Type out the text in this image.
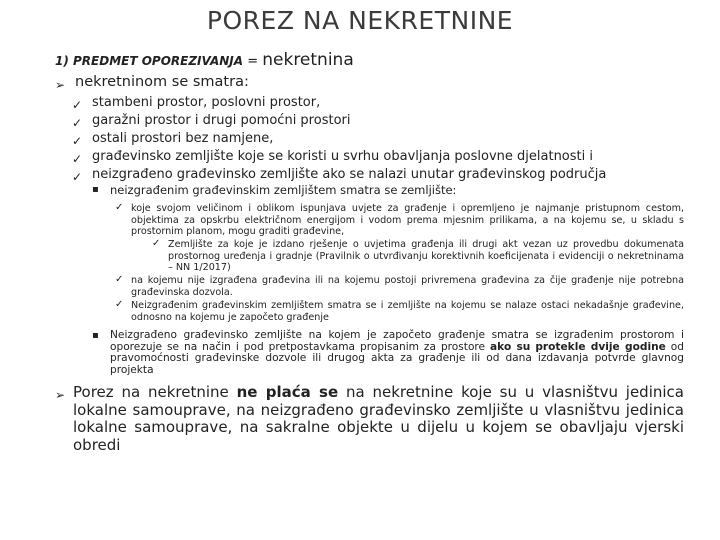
POREZ NA NEKRETNINE
1) PREDMET OPOREZIVANJA = nekretnina
➢ nekretninom se smatra:
✓ stambeni prostor, poslovni prostor,
✓ garažni prostor i drugi pomoćni prostori
✓ ostali prostori bez namjene,
✓ građevinsko zemljište koje se koristi u svrhu obavljanja poslovne djelatnosti i
✓ neizgrađeno građevinsko zemljište ako se nalazi unutar građevinskog područja
▪ neizgrađenim građevinskim zemljištem smatra se zemljište:
✓ koje svojom veličinom i oblikom ispunjava uvjete za građenje i opremljeno je najmanje pristupnom cestom, objektima za opskrbu električnom energijom i vodom prema mjesnim prilikama, a na kojemu se, u skladu s prostornim planom, mogu graditi građevine,
✓ Zemljište za koje je izdano rješenje o uvjetima građenja ili drugi akt vezan uz provedbu dokumenata prostornog uređenja i gradnje (Pravilnik o utvrđivanju korektivnih koeficijenata i evidenciji o nekretninama – NN 1/2017)
✓ na kojemu nije izgrađena građevina ili na kojemu postoji privremena građevina za čije građenje nije potrebna građevinska dozvola.
✓ Neizgrađenim građevinskim zemljištem smatra se i zemljište na kojemu se nalaze ostaci nekadašnje građevine, odnosno na kojemu je započeto građenje
▪ Neizgrađeno građevinsko zemljište na kojem je započeto građenje smatra se izgrađenim prostorom i oporezuje se na način i pod pretpostavkama propisanim za prostore ako su protekle dvije godine od pravomoćnosti građevinske dozvole ili drugog akta za građenje ili od dana izdavanja potvrde glavnog projekta
➢ Porez na nekretnine ne plaća se na nekretnine koje su u vlasništvu jedinica lokalne samouprave, na neizgrađeno građevinsko zemljište u vlasništvu jedinica lokalne samouprave, na sakralne objekte u dijelu u kojem se obavljaju vjerski obredi
